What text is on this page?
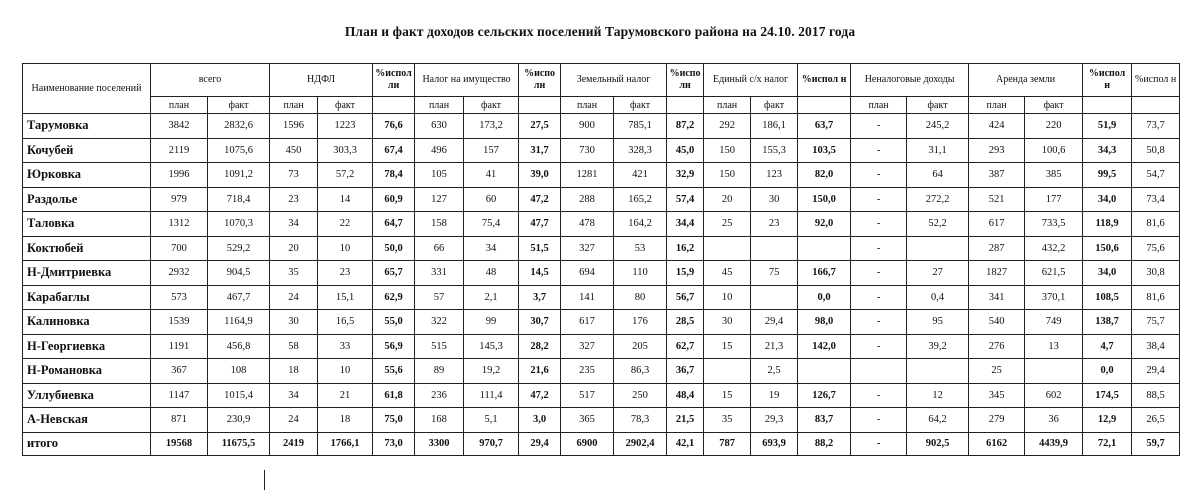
План и факт доходов сельских поселений Тарумовского района на 24.10. 2017 года
Наименование поселений	всего		НДФЛ		%испол ли	Налог на имущество		%испо лн	Земельный налог		%испо лн	Единый с/х налог		%испол н	Неналоговые доходы		Аренда земли		%испол н	%испол н
	план	факт	план	факт		план	факт		план	факт		план	факт		план	факт	план	факт		
Тарумовка	3842	2832,6	1596	1223	76,6	630	173,2	27,5	900	785,1	87,2	292	186,1	63,7	-	245,2	424	220	51,9	73,7
Кочубей	2119	1075,6	450	303,3	67,4	496	157	31,7	730	328,3	45,0	150	155,3	103,5	-	31,1	293	100,6	34,3	50,8
Юрковка	1996	1091,2	73	57,2	78,4	105	41	39,0	1281	421	32,9	150	123	82,0	-	64	387	385	99,5	54,7
Раздолье	979	718,4	23	14	60,9	127	60	47,2	288	165,2	57,4	20	30	150,0	-	272,2	521	177	34,0	73,4
Таловка	1312	1070,3	34	22	64,7	158	75,4	47,7	478	164,2	34,4	25	23	92,0	-	52,2	617	733,5	118,9	81,6
Коктюбей	700	529,2	20	10	50,0	66	34	51,5	327	53	16,2				-		287	432,2	150,6	75,6
Н-Дмитриевка	2932	904,5	35	23	65,7	331	48	14,5	694	110	15,9	45	75	166,7	-	27	1827	621,5	34,0	30,8
Карабаглы	573	467,7	24	15,1	62,9	57	2,1	3,7	141	80	56,7	10		0,0	-	0,4	341	370,1	108,5	81,6
Калиновка	1539	1164,9	30	16,5	55,0	322	99	30,7	617	176	28,5	30	29,4	98,0	-	95	540	749	138,7	75,7
Н-Георгиевка	1191	456,8	58	33	56,9	515	145,3	28,2	327	205	62,7	15	21,3	142,0	-	39,2	276	13	4,7	38,4
Н-Романовка	367	108	18	10	55,6	89	19,2	21,6	235	86,3	36,7		2,5				25		0,0	29,4
Уллубиевка	1147	1015,4	34	21	61,8	236	111,4	47,2	517	250	48,4	15	19	126,7	-	12	345	602	174,5	88,5
А-Невская	871	230,9	24	18	75,0	168	5,1	3,0	365	78,3	21,5	35	29,3	83,7	-	64,2	279	36	12,9	26,5
итого	19568	11675,5	2419	1766,1	73,0	3300	970,7	29,4	6900	2902,4	42,1	787	693,9	88,2	-	902,5	6162	4439,9	72,1	59,7
